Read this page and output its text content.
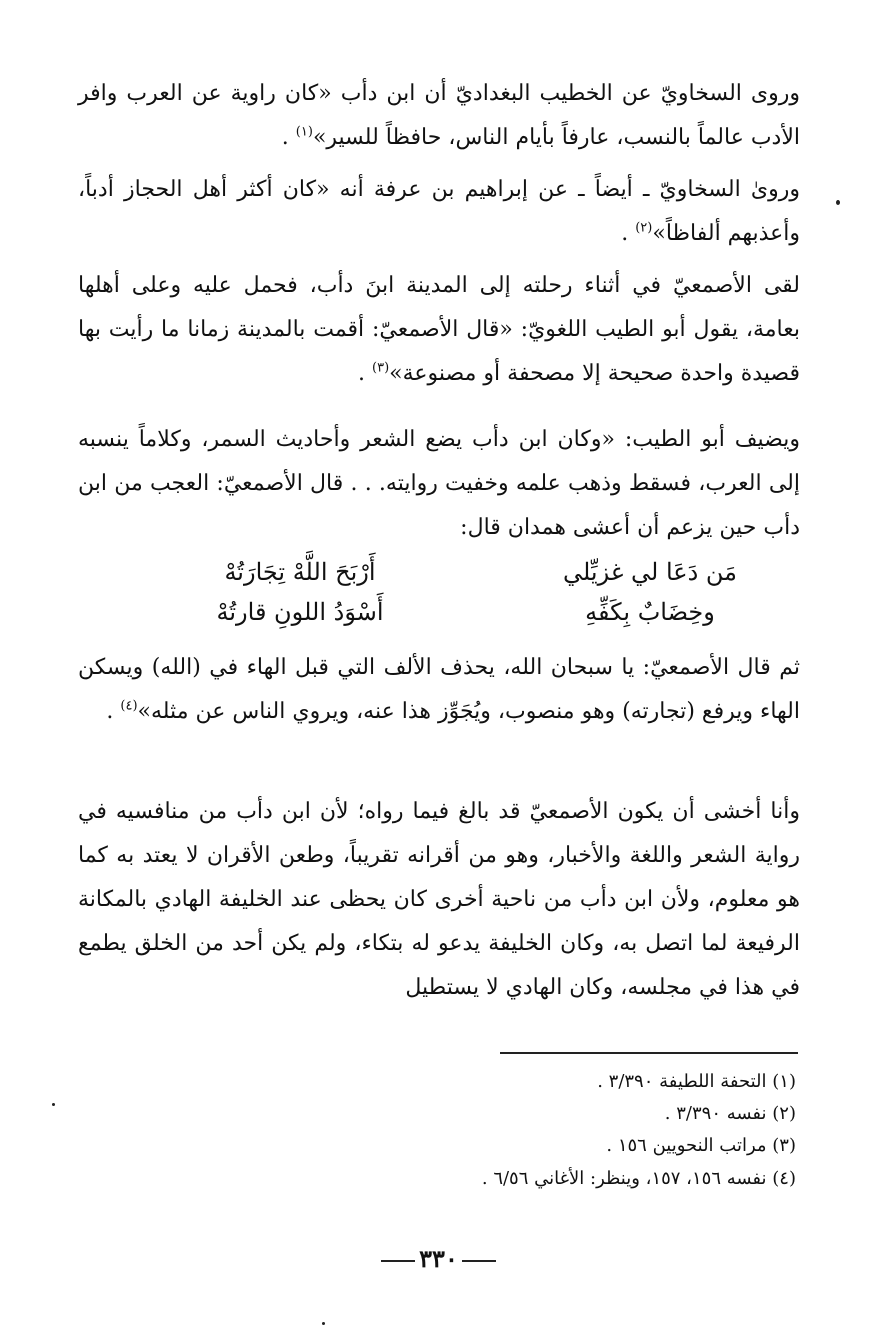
وروى السخاويّ عن الخطيب البغداديّ أن ابن دأب «كان راوية عن العرب وافر الأدب عالماً بالنسب، عارفاً بأيام الناس، حافظاً للسير»$^{(١)}$ .
وروىٰ السخاويّ ـ أيضاً ـ عن إبراهيم بن عرفة أنه «كان أكثر أهل الحجاز أدباً، وأعذبهم ألفاظاً»$^{(٢)}$ .
لقى الأصمعيّ في أثناء رحلته إلى المدينة ابنَ دأب، فحمل عليه وعلى أهلها بعامة، يقول أبو الطيب اللغويّ: «قال الأصمعيّ: أقمت بالمدينة زمانا ما رأيت بها قصيدة واحدة صحيحة إلا مصحفة أو مصنوعة»$^{(٣)}$ .
ويضيف أبو الطيب: «وكان ابن دأب يضع الشعر وأحاديث السمر، وكلاماً ينسبه إلى العرب، فسقط وذهب علمه وخفيت روايته. . . قال الأصمعيّ: العجب من ابن دأب حين يزعم أن أعشى همدان قال:
مَن دَعَا لي غزيِّلي
أَرْبَحَ اللَّهْ تِجَارَتُهْ
وخِضَابٌ بِكَفِّهِ
أَسْوَدُ اللونِ قارتُهْ
ثم قال الأصمعيّ: يا سبحان الله، يحذف الألف التي قبل الهاء في (الله) ويسكن الهاء ويرفع (تجارته) وهو منصوب، ويُجَوِّز هذا عنه، ويروي الناس عن مثله»$^{(٤)}$ .
وأنا أخشى أن يكون الأصمعيّ قد بالغ فيما رواه؛ لأن ابن دأب من منافسيه في رواية الشعر واللغة والأخبار، وهو من أقرانه تقريباً، وطعن الأقران لا يعتد به كما هو معلوم، ولأن ابن دأب من ناحية أخرى كان يحظى عند الخليفة الهادي بالمكانة الرفيعة لما اتصل به، وكان الخليفة يدعو له بتكاء، ولم يكن أحد من الخلق يطمع في هذا في مجلسه، وكان الهادي لا يستطيل
(١) التحفة اللطيفة ٣/٣٩٠ .
(٢) نفسه ٣/٣٩٠ .
(٣) مراتب النحويين ١٥٦ .
(٤) نفسه ١٥٦، ١٥٧، وينظر: الأغاني ٦/٥٦ .
٣٣٠
